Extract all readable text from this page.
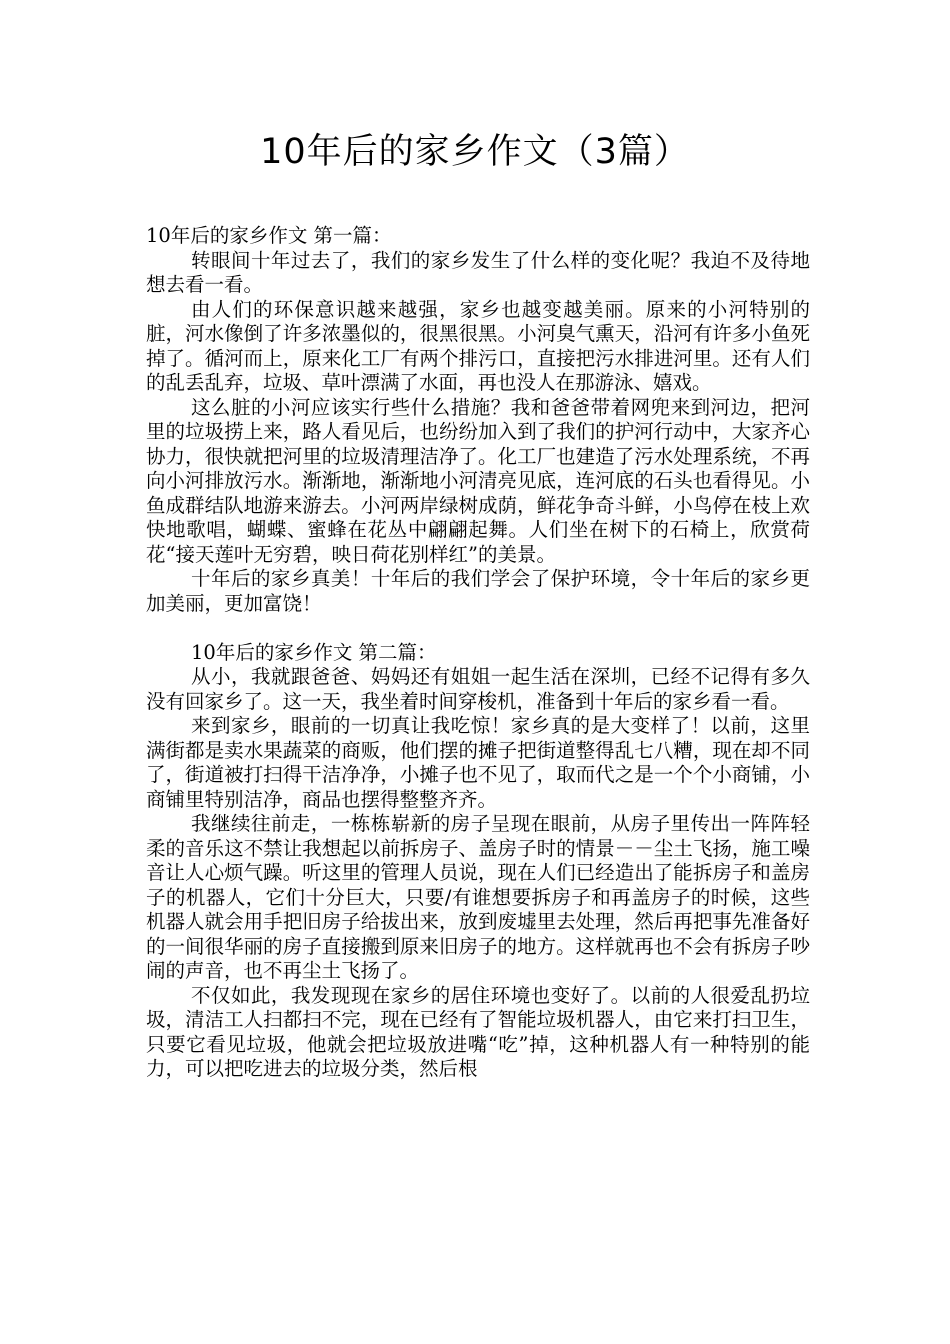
10年后的家乡作文（3篇）

10年后的家乡作文 第一篇：

转眼间十年过去了，我们的家乡发生了什么样的变化呢？我迫不及待地想去看一看。

由人们的环保意识越来越强，家乡也越变越美丽。原来的小河特别的脏，河水像倒了许多浓墨似的，很黑很黑。小河臭气熏天，沿河有许多小鱼死掉了。循河而上，原来化工厂有两个排污口，直接把污水排进河里。还有人们的乱丢乱弃，垃圾、草叶漂满了水面，再也没人在那游泳、嬉戏。

这么脏的小河应该实行些什么措施？我和爸爸带着网兜来到河边，把河里的垃圾捞上来，路人看见后，也纷纷加入到了我们的护河行动中，大家齐心协力，很快就把河里的垃圾清理洁净了。化工厂也建造了污水处理系统，不再向小河排放污水。渐渐地，渐渐地小河清亮见底，连河底的石头也看得见。小鱼成群结队地游来游去。小河两岸绿树成荫，鲜花争奇斗鲜，小鸟停在枝上欢快地歌唱，蝴蝶、蜜蜂在花丛中翩翩起舞。人们坐在树下的石椅上，欣赏荷花“接天莲叶无穷碧，映日荷花别样红”的美景。

十年后的家乡真美！十年后的我们学会了保护环境，令十年后的家乡更加美丽，更加富饶！

10年后的家乡作文 第二篇：

从小，我就跟爸爸、妈妈还有姐姐一起生活在深圳，已经不记得有多久没有回家乡了。这一天，我坐着时间穿梭机，准备到十年后的家乡看一看。

来到家乡，眼前的一切真让我吃惊！家乡真的是大变样了！以前，这里满街都是卖水果蔬菜的商贩，他们摆的摊子把街道整得乱七八糟，现在却不同了，街道被打扫得干洁净净，小摊子也不见了，取而代之是一个个小商铺，小商铺里特别洁净，商品也摆得整整齐齐。

我继续往前走，一栋栋崭新的房子呈现在眼前，从房子里传出一阵阵轻柔的音乐这不禁让我想起以前拆房子、盖房子时的情景－－尘土飞扬，施工噪音让人心烦气躁。听这里的管理人员说，现在人们已经造出了能拆房子和盖房子的机器人，它们十分巨大，只要/有谁想要拆房子和再盖房子的时候，这些机器人就会用手把旧房子给拔出来，放到废墟里去处理，然后再把事先准备好的一间很华丽的房子直接搬到原来旧房子的地方。这样就再也不会有拆房子吵闹的声音，也不再尘土飞扬了。

不仅如此，我发现现在家乡的居住环境也变好了。以前的人很爱乱扔垃圾，清洁工人扫都扫不完，现在已经有了智能垃圾机器人，由它来打扫卫生，只要它看见垃圾，他就会把垃圾放进嘴“吃”掉，这种机器人有一种特别的能力，可以把吃进去的垃圾分类，然后根
